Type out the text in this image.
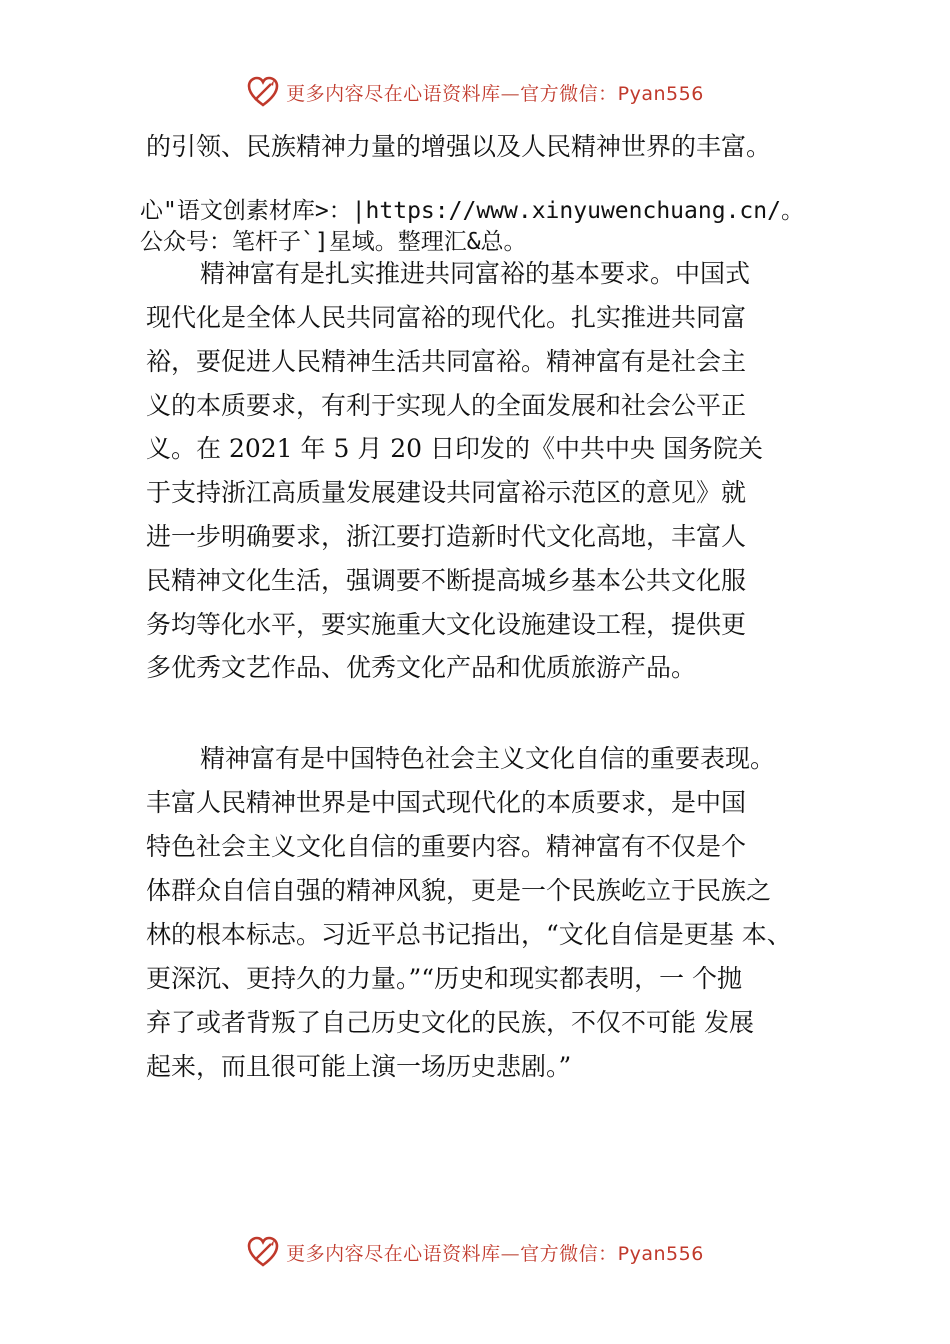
更多内容尽在心语资料库—官方微信：Pyan556
的引领、民族精神力量的增强以及人民精神世界的丰富。
心"语文创素材库>：|https://www.xinyuwenchuang.cn/。
公众号：笔杆子`]星域。整理汇&总。
精神富有是扎实推进共同富裕的基本要求。中国式
现代化是全体人民共同富裕的现代化。扎实推进共同富
裕，要促进人民精神生活共同富裕。精神富有是社会主
义的本质要求，有利于实现人的全面发展和社会公平正
义。在 2021 年 5 月 20 日印发的《中共中央 国务院关
于支持浙江高质量发展建设共同富裕示范区的意见》就
进一步明确要求，浙江要打造新时代文化高地，丰富人
民精神文化生活，强调要不断提高城乡基本公共文化服
务均等化水平，要实施重大文化设施建设工程，提供更
多优秀文艺作品、优秀文化产品和优质旅游产品。
精神富有是中国特色社会主义文化自信的重要表现。
丰富人民精神世界是中国式现代化的本质要求，是中国
特色社会主义文化自信的重要内容。精神富有不仅是个
体群众自信自强的精神风貌，更是一个民族屹立于民族之
林的根本标志。习近平总书记指出，“文化自信是更基 本、
更深沉、更持久的力量。”“历史和现实都表明，一 个抛
弃了或者背叛了自己历史文化的民族，不仅不可能 发展
起来，而且很可能上演一场历史悲剧。”
更多内容尽在心语资料库—官方微信：Pyan556
